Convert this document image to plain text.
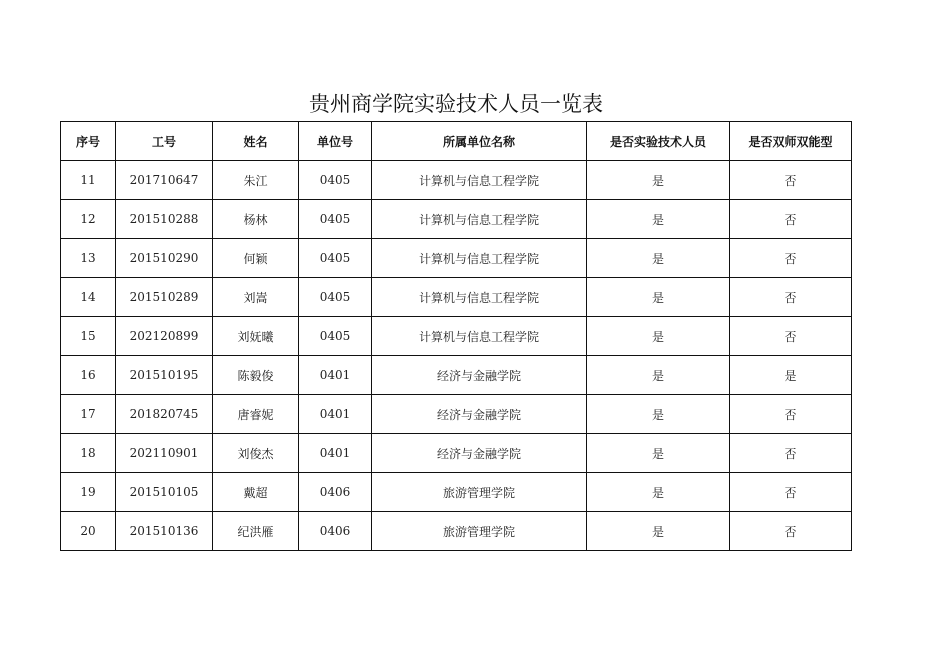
贵州商学院实验技术人员一览表
序号	工号	姓名	单位号	所属单位名称	是否实验技术人员	是否双师双能型
11	201710647	朱江	0405	计算机与信息工程学院	是	否
12	201510288	杨林	0405	计算机与信息工程学院	是	否
13	201510290	何颖	0405	计算机与信息工程学院	是	否
14	201510289	刘嵩	0405	计算机与信息工程学院	是	否
15	202120899	刘妩曦	0405	计算机与信息工程学院	是	否
16	201510195	陈毅俊	0401	经济与金融学院	是	是
17	201820745	唐睿妮	0401	经济与金融学院	是	否
18	202110901	刘俊杰	0401	经济与金融学院	是	否
19	201510105	戴超	0406	旅游管理学院	是	否
20	201510136	纪洪雁	0406	旅游管理学院	是	否
